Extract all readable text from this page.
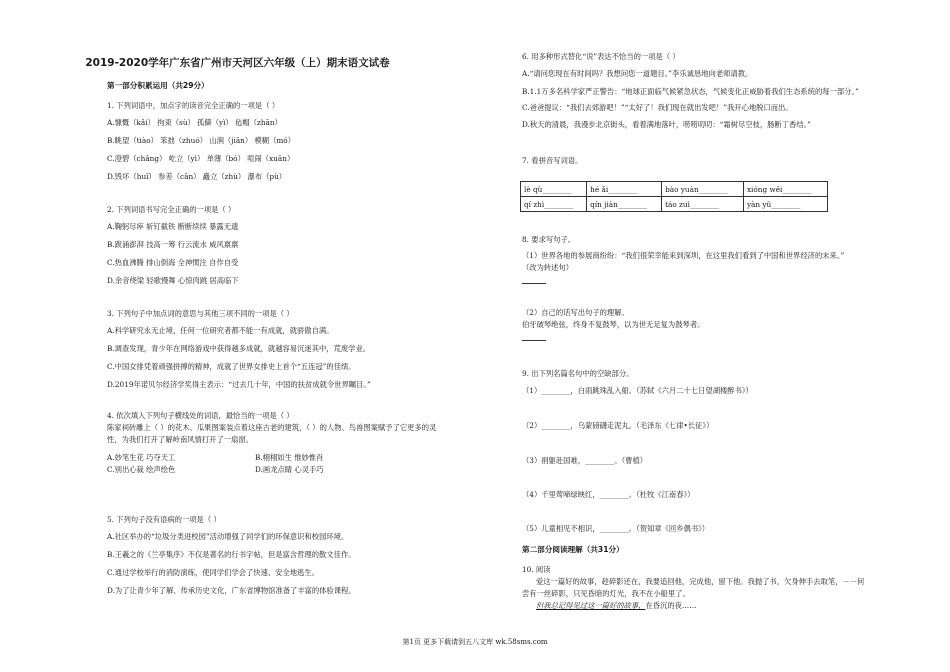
2019-2020学年广东省广州市天河区六年级（上）期末语文试卷
第一部分积累运用（共29分）
1. 下列词语中，加点字的读音完全正确的一项是（ ）
A.慷慨（kǎi） 拘束（sù） 孤僻（yì） 毡帽（zhān）
B.眺望（tiào） 笨拙（zhuó） 山涧（jiān） 模糊（mó）
C.澄碧（chǎng） 屹立（yì） 单薄（bó） 喧闹（xuān）
D.毁坏（huǐ） 参差（cān） 矗立（zhù） 瀑布（pù）
2. 下列词语书写完全正确的一项是（ ）
A.鞠躬尽瘁 斩钉截铁 断断续续 暴露无遗
B.跋涌澎湃 技高一筹 行云流水 威风禀禀
C.热血沸腾 排山倒海 全神惯注 自作自受
D.余音绕梁 轻歌慢舞 心惊肉跳 居高临下
3. 下列句子中加点词的意思与其他三项不同的一项是（ ）
A.科学研究永无止境，任何一位研究者都不能一有成就，就骄傲自满。
B.调查发现，青少年在网络游戏中获得越多成就，就越容易沉迷其中，荒废学业。
C.中国女排凭着顽强拼搏的精神，成就了世界女排史上首个“五连冠”的佳绩。
D.2019年诺贝尔经济学奖得主表示：“过去几十年，中国的扶贫成就令世界瞩目。”
4. 依次填入下列句子横线处的词语，最恰当的一项是（ ）
陈家祠砖雕上（ ）的花木、瓜果图案装点着这座古老的建筑，（ ）的人物、鸟兽图案赋予了它更多的灵
性，为我们打开了解岭南风情打开了一扇窗。
A.妙笔生花 巧夺天工	B.栩栩如生 惟妙惟肖
C.别出心裁 绘声绘色	D.画龙点睛 心灵手巧
5. 下列句子没有语病的一项是（ ）
A.社区举办的“垃圾分类进校园”活动增强了同学们的环保意识和校园环境。
B.王羲之的《兰亭集序》不仅是著名的行书字帖，但是富含哲理的散文佳作。
C.通过学校举行的消防演练，使同学们学会了快速、安全地逃生。
D.为了让青少年了解、传承历史文化，广东省博物馆准备了丰富的体验课程。
6. 用多种形式替化“说”表达不恰当的一项是（ ）
A.“请问您现在有时间吗？我想问您一道题目。”李乐诚恳地向老师请教。
B.1.1万多名科学家严正警告：“地球正面临气候紧急状态，气候变化正威胁着我们生态系统的每一部分。”
C.爸爸提议：“我们去郊游吧！”“太好了！我们现在就出发吧！”我开心地脱口而出。
D.秋天的清晨，我漫步北京街头，看着满地落叶，唠唠叨叨：“霜树尽空枝，肠断丁香结。”
7. 看拼音写词语。
lè qù________	hé ǎi________	bào yuàn________	xióng wěi________
qí zhì________	qín jiàn________	táo zuì________	yàn yǔ________
8. 要求写句子。
（1）世界各地的参展商纷纷：“我们很荣幸能来到深圳，在这里我们看到了中国和世界经济的未来。”
（改为转述句）
（2）自己的话写出句子的理解。
伯牙破琴绝弦，终身不复鼓琴，以为世无足复为鼓琴者。
9. 出下列名篇名句中的空缺部分。
（1）________，白雨跳珠乱入船。（苏轼《六月二十七日望湖楼醉书》）
（2）________，乌蒙磅礴走泥丸。（毛泽东《七律•长征》）
（3）捐躯赴国难，________。（曹植）
（4）千里莺啼绿映红，________。（杜牧《江南春》）
（5）儿童相见不相识，________。（贺知章《回乡偶书》）
第二部分阅读理解（共31分）
10. 阅读
爱这一篇好的故事，趁碎影还在，我要追回他，完成他，留下他。我抛了书，欠身伸手去取笔，－－何
尝有一丝碎影，只见昏暗的灯光，我不在小船里了。
但我总记得见过这一篇好的故事，在昏沉的夜……
第1页 更多下载请到五八文库 wk.58sms.com
